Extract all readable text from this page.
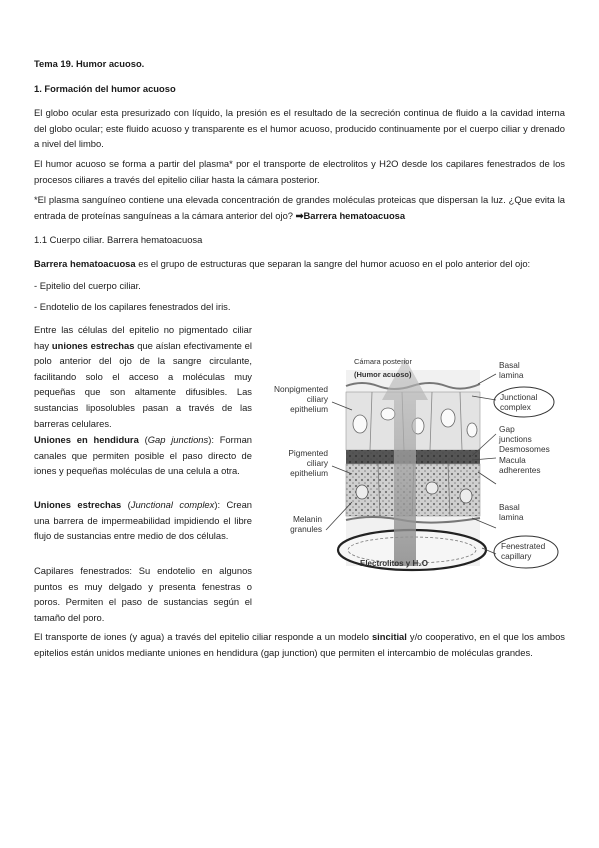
Tema 19. Humor acuoso.

1. Formación del humor acuoso

El globo ocular esta presurizado con líquido, la presión es el resultado de la secreción continua de fluido a la cavidad interna del globo ocular; este fluido acuoso y transparente es el humor acuoso, producido continuamente por el cuerpo ciliar y drenado a nivel del limbo.

El humor acuoso se forma a partir del plasma* por el transporte de electrolitos y H2O desde los capilares fenestrados de los procesos ciliares a través del epitelio ciliar hasta la cámara posterior.

*El plasma sanguíneo contiene una elevada concentración de grandes moléculas proteicas que dispersan la luz. ¿Que evita la entrada de proteínas sanguíneas a la cámara anterior del ojo? ➡Barrera hematoacuosa

1.1 Cuerpo ciliar. Barrera hematoacuosa

Barrera hematoacuosa es el grupo de estructuras que separan la sangre del humor acuoso en el polo anterior del ojo:

- Epitelio del cuerpo ciliar.

- Endotelio de los capilares fenestrados del iris.

Entre las células del epitelio no pigmentado ciliar hay uniones estrechas que aíslan efectivamente el polo anterior del ojo de la sangre circulante, facilitando solo el acceso a moléculas muy pequeñas que son altamente difusibles. Las sustancias liposolubles pasan a través de las barreras celulares.

Uniones en hendidura (Gap junctions): Forman canales que permiten posible el paso directo de iones y pequeñas moléculas de una celula a otra.

Uniones estrechas (Junctional complex): Crean una barrera de impermeabilidad impidiendo el libre flujo de sustancias entre medio de dos células.

Capilares fenestrados: Su endotelio en algunos puntos es muy delgado y presenta fenestras o poros. Permiten el paso de sustancias según el tamaño del poro.

El transporte de iones (y agua) a través del epitelio ciliar responde a un modelo sincitial y/o cooperativo, en el que los ambos epitelios están unidos mediante uniones en hendidura (gap junction) que permiten el intercambio de moléculas grandes.

Cámara posterior
(Humor acuoso)
Nonpigmented
ciliary
epithelium
Pigmented
ciliary
epithelium
Melanin
granules
Basal
lamina
Junctional
complex
Gap
junctions
Desmosomes
Macula
adherentes
Basal
lamina
Fenestrated
capillary
Electrolitos y H₂O
